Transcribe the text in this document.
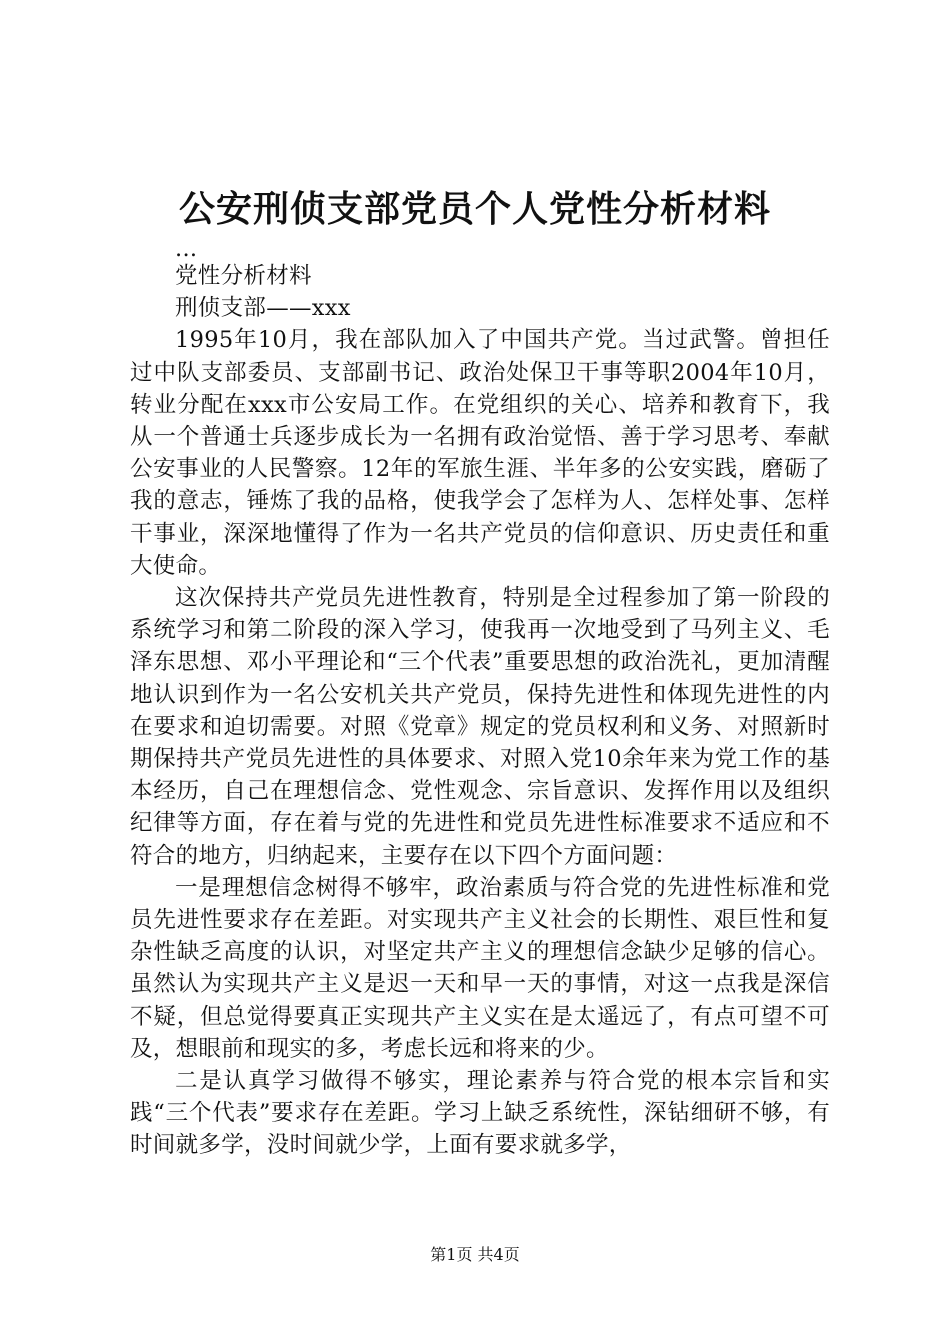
公安刑侦支部党员个人党性分析材料

...

党性分析材料

刑侦支部——xxx

1995年10月，我在部队加入了中国共产党。当过武警。曾担任过中队支部委员、支部副书记、政治处保卫干事等职2004年10月，转业分配在xxx市公安局工作。在党组织的关心、培养和教育下，我从一个普通士兵逐步成长为一名拥有政治觉悟、善于学习思考、奉献公安事业的人民警察。12年的军旅生涯、半年多的公安实践，磨砺了我的意志，锤炼了我的品格，使我学会了怎样为人、怎样处事、怎样干事业，深深地懂得了作为一名共产党员的信仰意识、历史责任和重大使命。

这次保持共产党员先进性教育，特别是全过程参加了第一阶段的系统学习和第二阶段的深入学习，使我再一次地受到了马列主义、毛泽东思想、邓小平理论和“三个代表”重要思想的政治洗礼，更加清醒地认识到作为一名公安机关共产党员，保持先进性和体现先进性的内在要求和迫切需要。对照《党章》规定的党员权利和义务、对照新时期保持共产党员先进性的具体要求、对照入党10余年来为党工作的基本经历，自己在理想信念、党性观念、宗旨意识、发挥作用以及组织纪律等方面，存在着与党的先进性和党员先进性标准要求不适应和不符合的地方，归纳起来，主要存在以下四个方面问题：

一是理想信念树得不够牢，政治素质与符合党的先进性标准和党员先进性要求存在差距。对实现共产主义社会的长期性、艰巨性和复杂性缺乏高度的认识，对坚定共产主义的理想信念缺少足够的信心。虽然认为实现共产主义是迟一天和早一天的事情，对这一点我是深信不疑，但总觉得要真正实现共产主义实在是太遥远了，有点可望不可及，想眼前和现实的多，考虑长远和将来的少。

二是认真学习做得不够实，理论素养与符合党的根本宗旨和实践“三个代表”要求存在差距。学习上缺乏系统性，深钻细研不够，有时间就多学，没时间就少学，上面有要求就多学，

第1页 共4页
